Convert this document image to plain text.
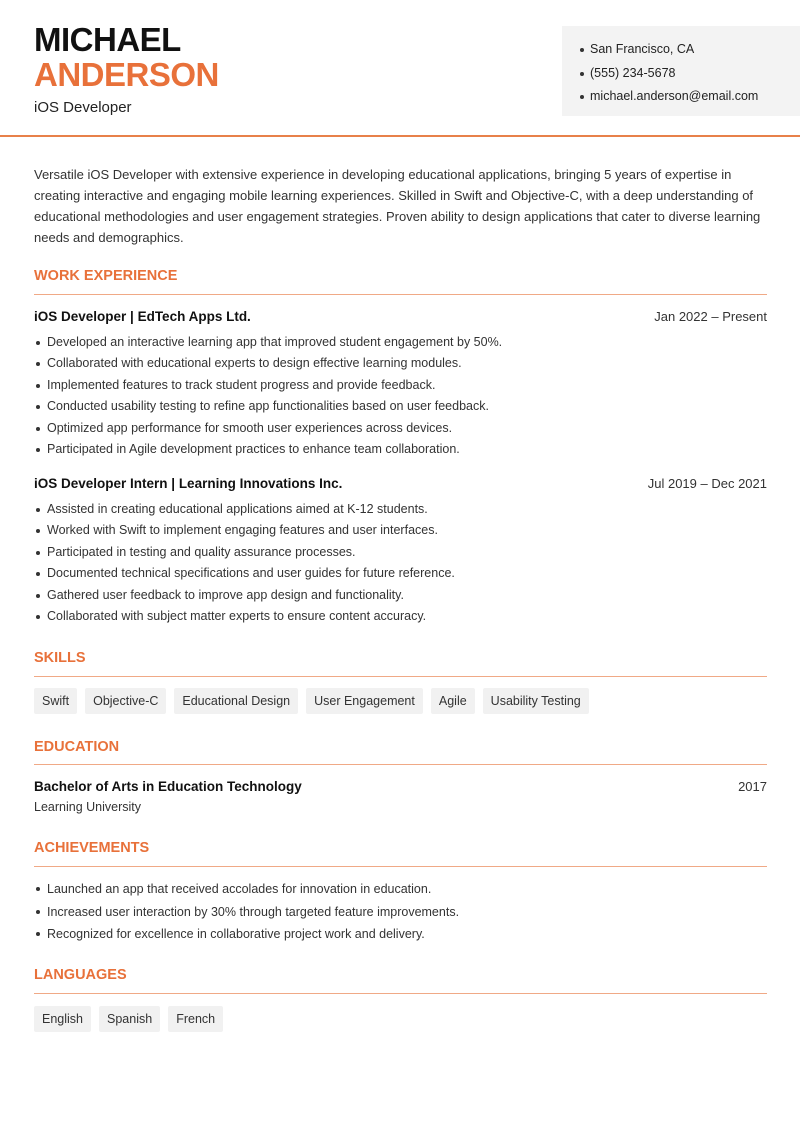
MICHAEL
ANDERSON
iOS Developer
San Francisco, CA
(555) 234-5678
michael.anderson@email.com

Versatile iOS Developer with extensive experience in developing educational applications, bringing 5 years of expertise in creating interactive and engaging mobile learning experiences. Skilled in Swift and Objective-C, with a deep understanding of educational methodologies and user engagement strategies. Proven ability to design applications that cater to diverse learning needs and demographics.

WORK EXPERIENCE
iOS Developer | EdTech Apps Ltd.	Jan 2022 – Present
Developed an interactive learning app that improved student engagement by 50%.
Collaborated with educational experts to design effective learning modules.
Implemented features to track student progress and provide feedback.
Conducted usability testing to refine app functionalities based on user feedback.
Optimized app performance for smooth user experiences across devices.
Participated in Agile development practices to enhance team collaboration.
iOS Developer Intern | Learning Innovations Inc.	Jul 2019 – Dec 2021
Assisted in creating educational applications aimed at K-12 students.
Worked with Swift to implement engaging features and user interfaces.
Participated in testing and quality assurance processes.
Documented technical specifications and user guides for future reference.
Gathered user feedback to improve app design and functionality.
Collaborated with subject matter experts to ensure content accuracy.
SKILLS
Swift	Objective-C	Educational Design	User Engagement	Agile	Usability Testing
EDUCATION
Bachelor of Arts in Education Technology	2017
Learning University
ACHIEVEMENTS
Launched an app that received accolades for innovation in education.
Increased user interaction by 30% through targeted feature improvements.
Recognized for excellence in collaborative project work and delivery.
LANGUAGES
English	Spanish	French
